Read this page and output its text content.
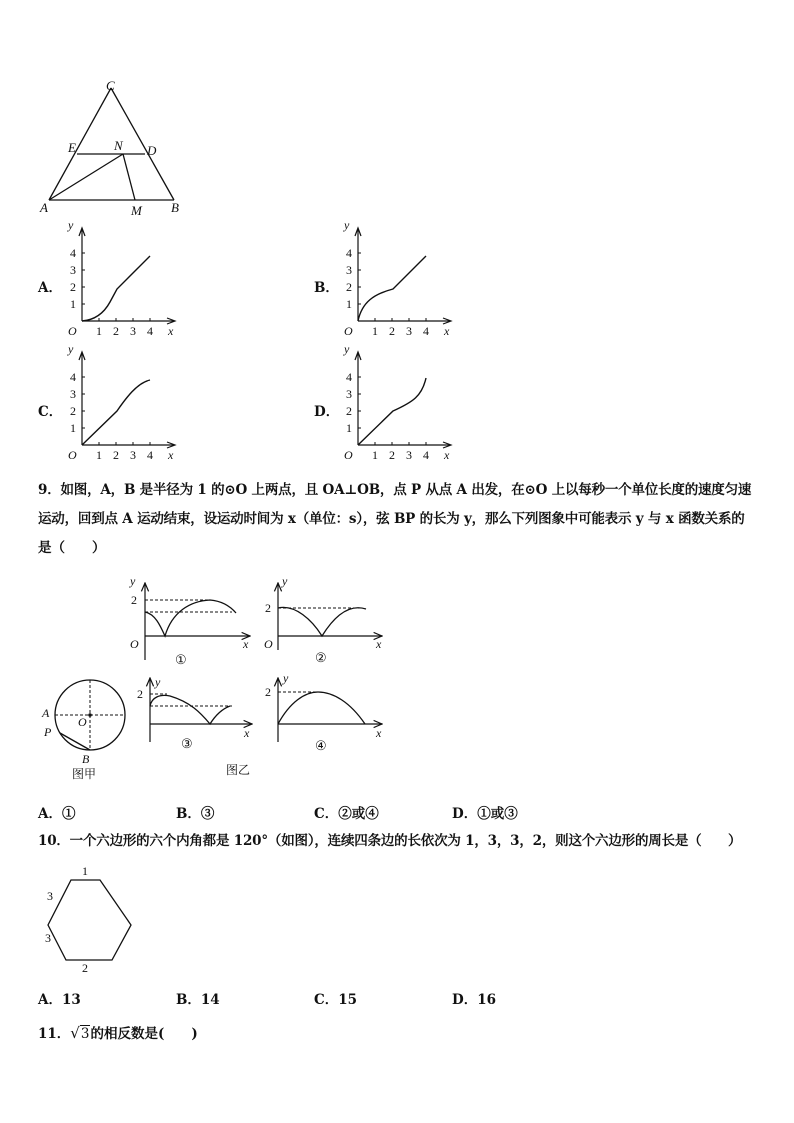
C
E	N D
A	M B
A．	B．
C．	D．
1
1
2
2
3
3
4
4
y
x
O	1
1
2
2
3
3
4
4
y
x
O
1
1
2
2
3
3
4
4
y
x
O	1
1
2
2
3
3
4
4
y
x
O
9．如图，A，B 是半径为 1 的⊙O 上两点，且 OA⊥OB，点 P 从点 A 出发，在⊙O 上以每秒一个单位长度的速度匀速
运动，回到点 A 运动结束，设运动时间为 x（单位：s），弦 BP 的长为 y，那么下列图象中可能表示 y 与 x 函数关系的
是（　　）
y
2
O	x
①
y
2
O	x
②
y
2
x
③
y
2
x
④
A
O
P
B
图甲	图乙
A．①	B．③	C．②或④	D．①或③
10．一个六边形的六个内角都是 120°（如图），连续四条边的长依次为 1，3，3，2，则这个六边形的周长是（　　）
1
3
3
2
A．13	B．14	C．15	D．16
11．√3的相反数是(　　)
